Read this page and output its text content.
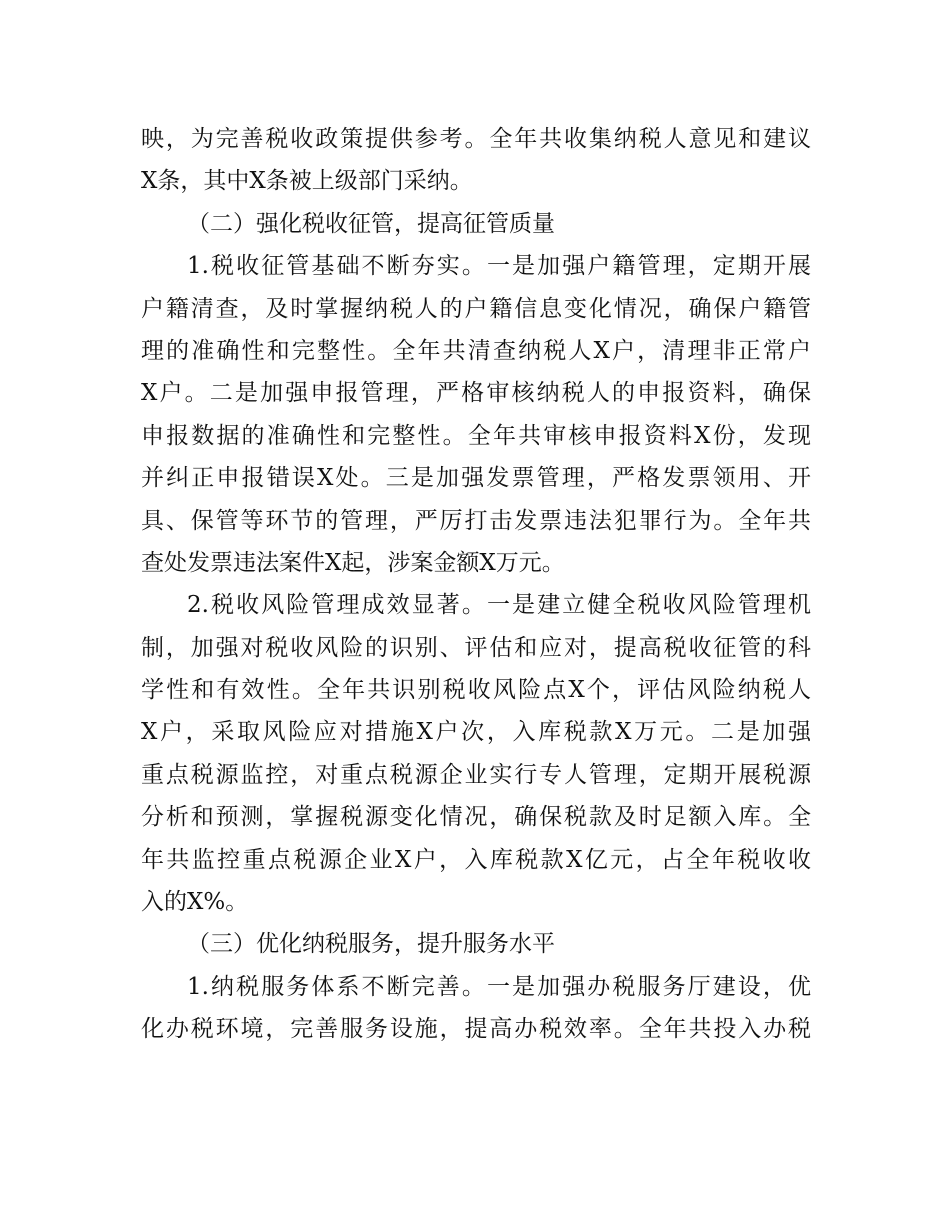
映，为完善税收政策提供参考。全年共收集纳税人意见和建议
X条，其中X条被上级部门采纳。
（二）强化税收征管，提高征管质量
1.税收征管基础不断夯实。一是加强户籍管理，定期开展
户籍清查，及时掌握纳税人的户籍信息变化情况，确保户籍管
理的准确性和完整性。全年共清查纳税人X户，清理非正常户
X户。二是加强申报管理，严格审核纳税人的申报资料，确保
申报数据的准确性和完整性。全年共审核申报资料X份，发现
并纠正申报错误X处。三是加强发票管理，严格发票领用、开
具、保管等环节的管理，严厉打击发票违法犯罪行为。全年共
查处发票违法案件X起，涉案金额X万元。
2.税收风险管理成效显著。一是建立健全税收风险管理机
制，加强对税收风险的识别、评估和应对，提高税收征管的科
学性和有效性。全年共识别税收风险点X个，评估风险纳税人
X户，采取风险应对措施X户次，入库税款X万元。二是加强
重点税源监控，对重点税源企业实行专人管理，定期开展税源
分析和预测，掌握税源变化情况，确保税款及时足额入库。全
年共监控重点税源企业X户，入库税款X亿元，占全年税收收
入的X%。
（三）优化纳税服务，提升服务水平
1.纳税服务体系不断完善。一是加强办税服务厅建设，优
化办税环境，完善服务设施，提高办税效率。全年共投入办税
